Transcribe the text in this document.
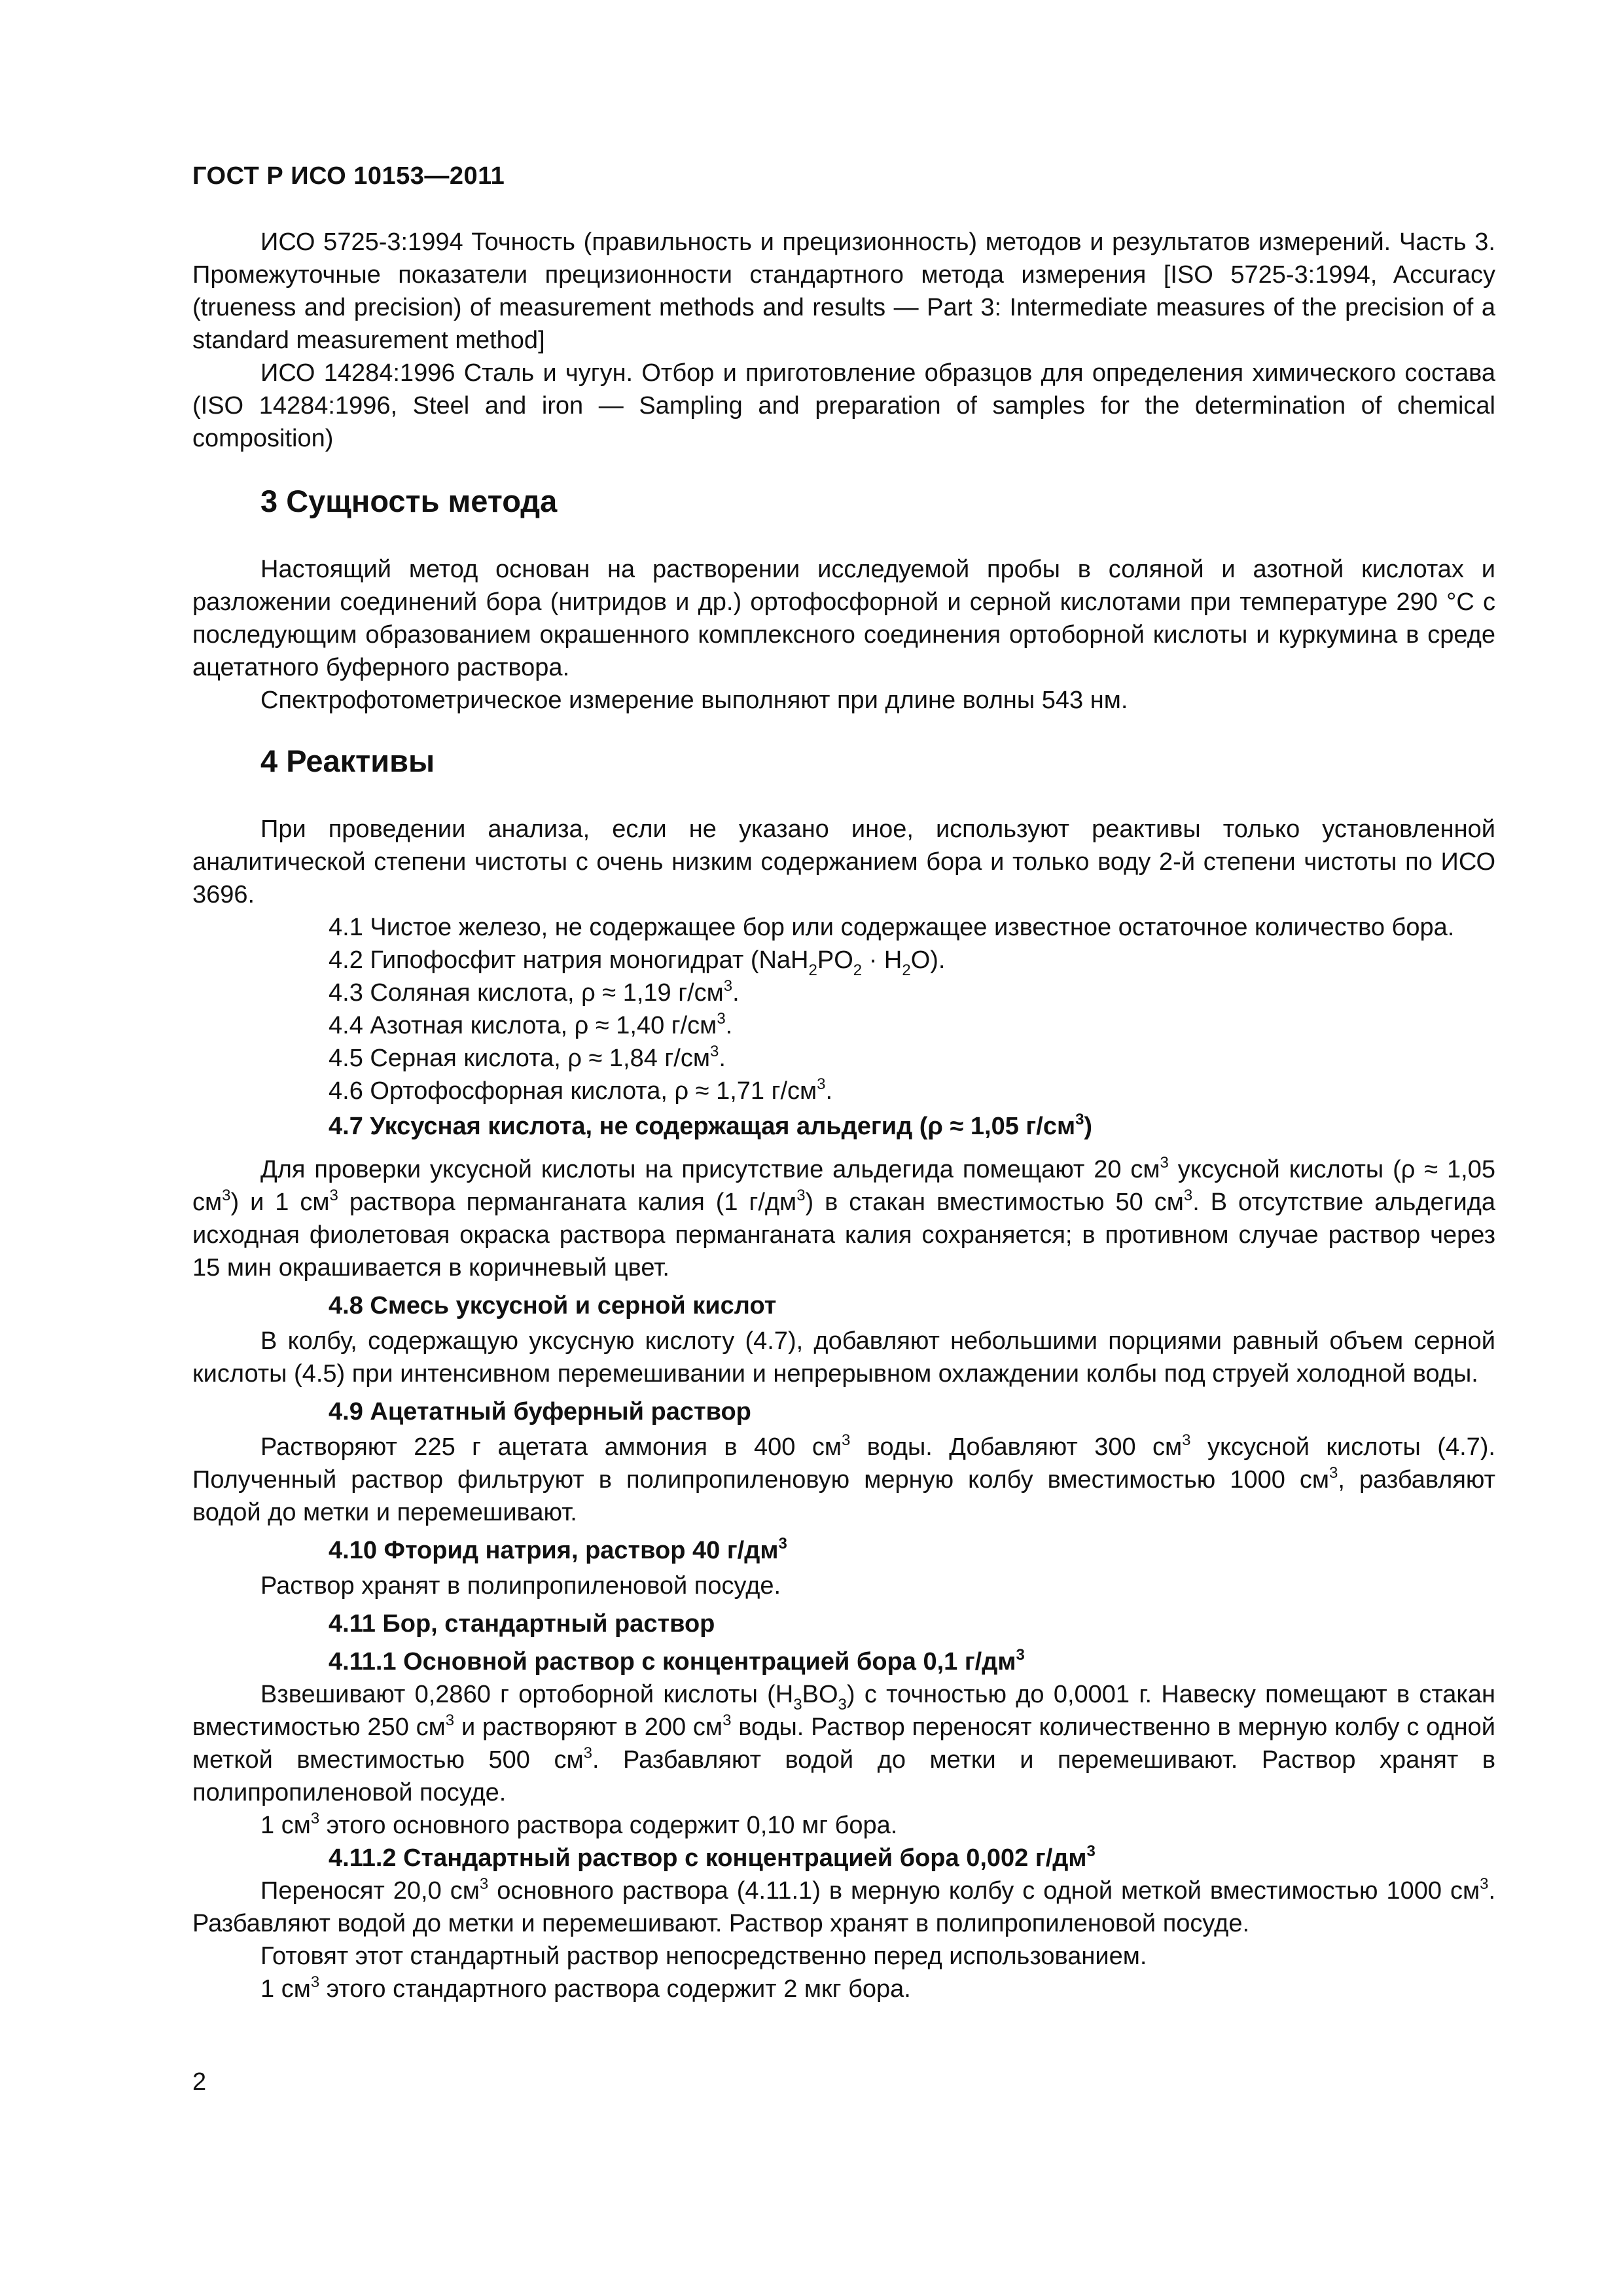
ГОСТ Р ИСО 10153—2011

ИСО 5725-3:1994 Точность (правильность и прецизионность) методов и результатов измерений. Часть 3. Промежуточные показатели прецизионности стандартного метода измерения [ISO 5725-3:1994, Accuracy (trueness and precision) of measurement methods and results — Part 3: Intermediate measures of the precision of a standard measurement method]

ИСО 14284:1996 Сталь и чугун. Отбор и приготовление образцов для определения химического состава (ISO 14284:1996, Steel and iron — Sampling and preparation of samples for the determination of chemical composition)

3 Сущность метода

Настоящий метод основан на растворении исследуемой пробы в соляной и азотной кислотах и разложении соединений бора (нитридов и др.) ортофосфорной и серной кислотами при температуре 290 °С с последующим образованием окрашенного комплексного соединения ортоборной кислоты и куркумина в среде ацетатного буферного раствора.

Спектрофотометрическое измерение выполняют при длине волны 543 нм.

4 Реактивы

При проведении анализа, если не указано иное, используют реактивы только установленной аналитической степени чистоты с очень низким содержанием бора и только воду 2-й степени чистоты по ИСО 3696.

4.1 Чистое железо, не содержащее бор или содержащее известное остаточное количество бора.

4.2 Гипофосфит натрия моногидрат $(NaH_2PO_2 \cdot H_2O)$.

4.3 Соляная кислота, ρ ≈ 1,19 $г/см^3$.

4.4 Азотная кислота, ρ ≈ 1,40 $г/см^3$.

4.5 Серная кислота, ρ ≈ 1,84 $г/см^3$.

4.6 Ортофосфорная кислота, ρ ≈ 1,71 $г/см^3$.

4.7 Уксусная кислота, не содержащая альдегид (ρ ≈ 1,05 $г/см^3$)

Для проверки уксусной кислоты на присутствие альдегида помещают 20 $см^3$ уксусной кислоты (ρ ≈ 1,05 $см^3$) и 1 $см^3$ раствора перманганата калия (1 $г/дм^3$) в стакан вместимостью 50 $см^3$. В отсутствие альдегида исходная фиолетовая окраска раствора перманганата калия сохраняется; в противном случае раствор через 15 мин окрашивается в коричневый цвет.

4.8 Смесь уксусной и серной кислот

В колбу, содержащую уксусную кислоту (4.7), добавляют небольшими порциями равный объем серной кислоты (4.5) при интенсивном перемешивании и непрерывном охлаждении колбы под струей холодной воды.

4.9 Ацетатный буферный раствор

Растворяют 225 г ацетата аммония в 400 $см^3$ воды. Добавляют 300 $см^3$ уксусной кислоты (4.7). Полученный раствор фильтруют в полипропиленовую мерную колбу вместимостью 1000 $см^3$, разбавляют водой до метки и перемешивают.

4.10 Фторид натрия, раствор 40 $г/дм^3$

Раствор хранят в полипропиленовой посуде.

4.11 Бор, стандартный раствор

4.11.1 Основной раствор с концентрацией бора 0,1 $г/дм^3$

Взвешивают 0,2860 г ортоборной кислоты $(H_3BO_3)$ с точностью до 0,0001 г. Навеску помещают в стакан вместимостью 250 $см^3$ и растворяют в 200 $см^3$ воды. Раствор переносят количественно в мерную колбу с одной меткой вместимостью 500 $см^3$. Разбавляют водой до метки и перемешивают. Раствор хранят в полипропиленовой посуде.

1 $см^3$ этого основного раствора содержит 0,10 мг бора.

4.11.2 Стандартный раствор с концентрацией бора 0,002 $г/дм^3$

Переносят 20,0 $см^3$ основного раствора (4.11.1) в мерную колбу с одной меткой вместимостью 1000 $см^3$. Разбавляют водой до метки и перемешивают. Раствор хранят в полипропиленовой посуде.

Готовят этот стандартный раствор непосредственно перед использованием.

1 $см^3$ этого стандартного раствора содержит 2 мкг бора.

2
